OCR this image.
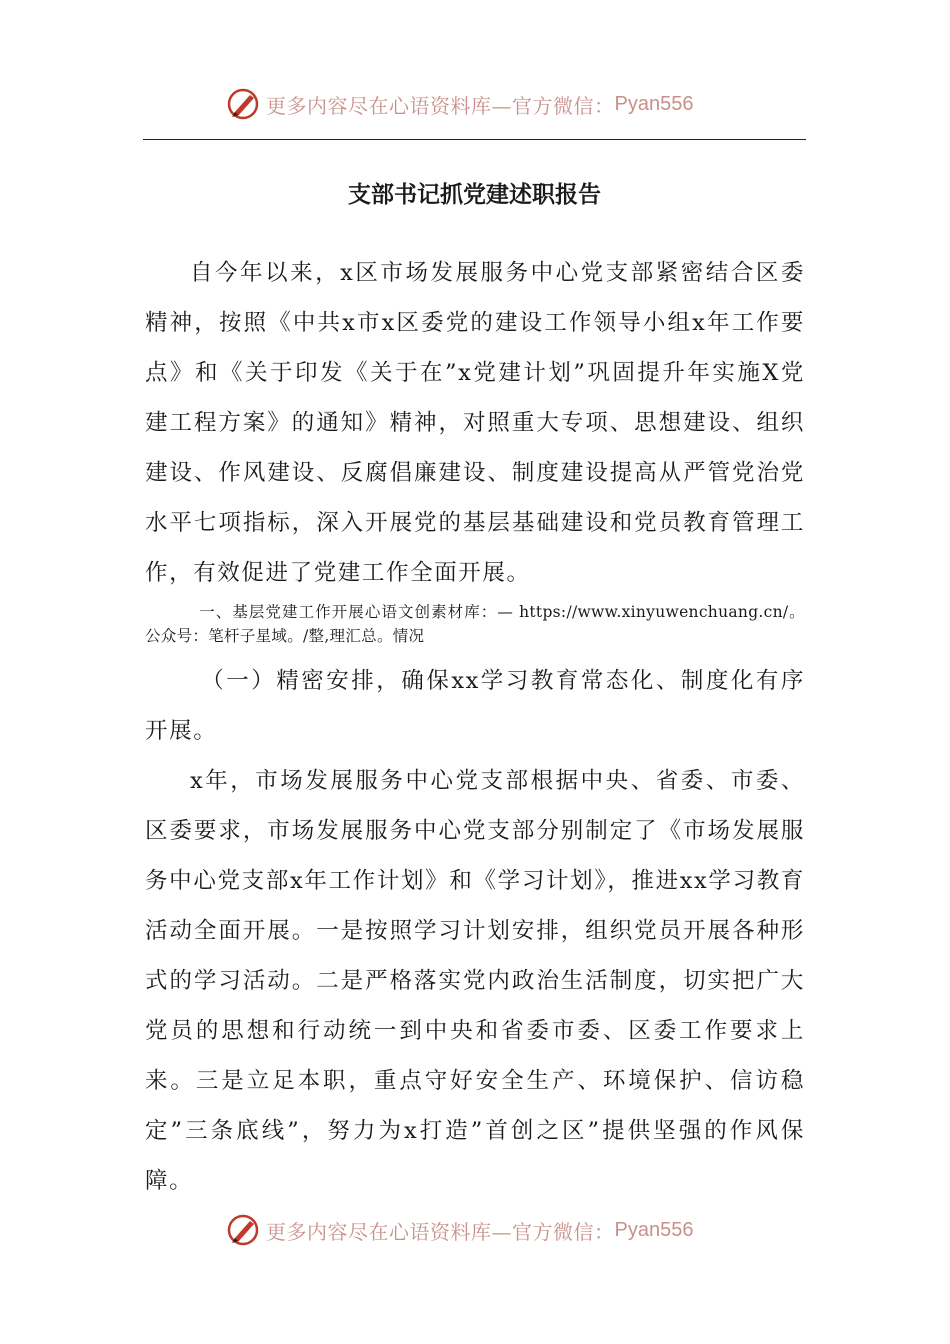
更多内容尽在心语资料库—官方微信： Pyan556
支部书记抓党建述职报告

自今年以来，x区市场发展服务中心党支部紧密结合区委精神，按照《中共x市x区委党的建设工作领导小组x年工作要点》和《关于印发《关于在”x党建计划”巩固提升年实施X党建工程方案》的通知》精神，对照重大专项、思想建设、组织建设、作风建设、反腐倡廉建设、制度建设提高从严管党治党水平七项指标，深入开展党的基层基础建设和党员教育管理工作，有效促进了党建工作全面开展。

一、基层党建工作开展心语文创素材库：— https://www.xinyuwenchuang.cn/。公众号：笔杆子星域。/整,理汇总。情况

（一）精密安排，确保xx学习教育常态化、制度化有序开展。

x年，市场发展服务中心党支部根据中央、省委、市委、区委要求，市场发展服务中心党支部分别制定了《市场发展服务中心党支部x年工作计划》和《学习计划》，推进xx学习教育活动全面开展。一是按照学习计划安排，组织党员开展各种形式的学习活动。二是严格落实党内政治生活制度，切实把广大党员的思想和行动统一到中央和省委市委、区委工作要求上来。三是立足本职，重点守好安全生产、环境保护、信访稳定”三条底线”，努力为x打造”首创之区”提供坚强的作风保障。

更多内容尽在心语资料库—官方微信： Pyan556
